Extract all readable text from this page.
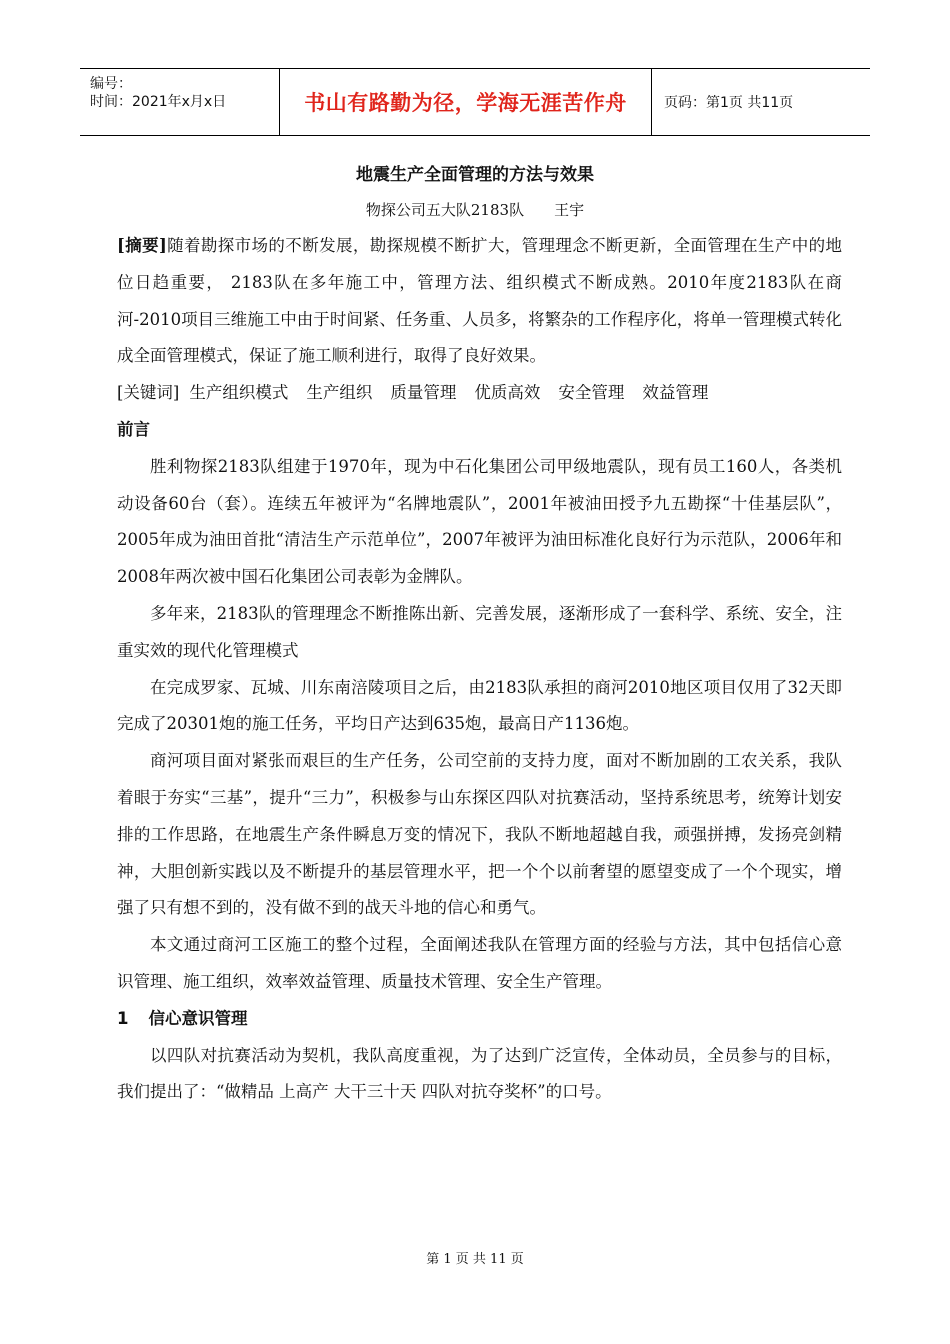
编号：
时间：2021年x月x日	书山有路勤为径，学海无涯苦作舟	页码：第1页 共11页
地震生产全面管理的方法与效果
物探公司五大队2183队 王宇

[摘要]随着勘探市场的不断发展，勘探规模不断扩大，管理理念不断更新，全面管理在生产中的地位日趋重要， 2183队在多年施工中，管理方法、组织模式不断成熟。2010年度2183队在商河-2010项目三维施工中由于时间紧、任务重、人员多，将繁杂的工作程序化，将单一管理模式转化成全面管理模式，保证了施工顺利进行，取得了良好效果。

[关键词] 生产组织模式 生产组织 质量管理 优质高效 安全管理 效益管理

前言

胜利物探2183队组建于1970年，现为中石化集团公司甲级地震队，现有员工160人，各类机动设备60台（套）。连续五年被评为“名牌地震队”，2001年被油田授予九五勘探“十佳基层队”，2005年成为油田首批“清洁生产示范单位”，2007年被评为油田标准化良好行为示范队，2006年和2008年两次被中国石化集团公司表彰为金牌队。

多年来，2183队的管理理念不断推陈出新、完善发展，逐渐形成了一套科学、系统、安全，注重实效的现代化管理模式

在完成罗家、瓦城、川东南涪陵项目之后，由2183队承担的商河2010地区项目仅用了32天即完成了20301炮的施工任务，平均日产达到635炮，最高日产1136炮。

商河项目面对紧张而艰巨的生产任务，公司空前的支持力度，面对不断加剧的工农关系，我队着眼于夯实“三基”，提升“三力”，积极参与山东探区四队对抗赛活动，坚持系统思考，统筹计划安排的工作思路，在地震生产条件瞬息万变的情况下，我队不断地超越自我，顽强拼搏，发扬亮剑精神，大胆创新实践以及不断提升的基层管理水平，把一个个以前奢望的愿望变成了一个个现实，增强了只有想不到的，没有做不到的战天斗地的信心和勇气。

本文通过商河工区施工的整个过程，全面阐述我队在管理方面的经验与方法，其中包括信心意识管理、施工组织，效率效益管理、质量技术管理、安全生产管理。

1 信心意识管理

以四队对抗赛活动为契机，我队高度重视，为了达到广泛宣传，全体动员，全员参与的目标，我们提出了：“做精品 上高产 大干三十天 四队对抗夺奖杯”的口号。

第 1 页 共 11 页
